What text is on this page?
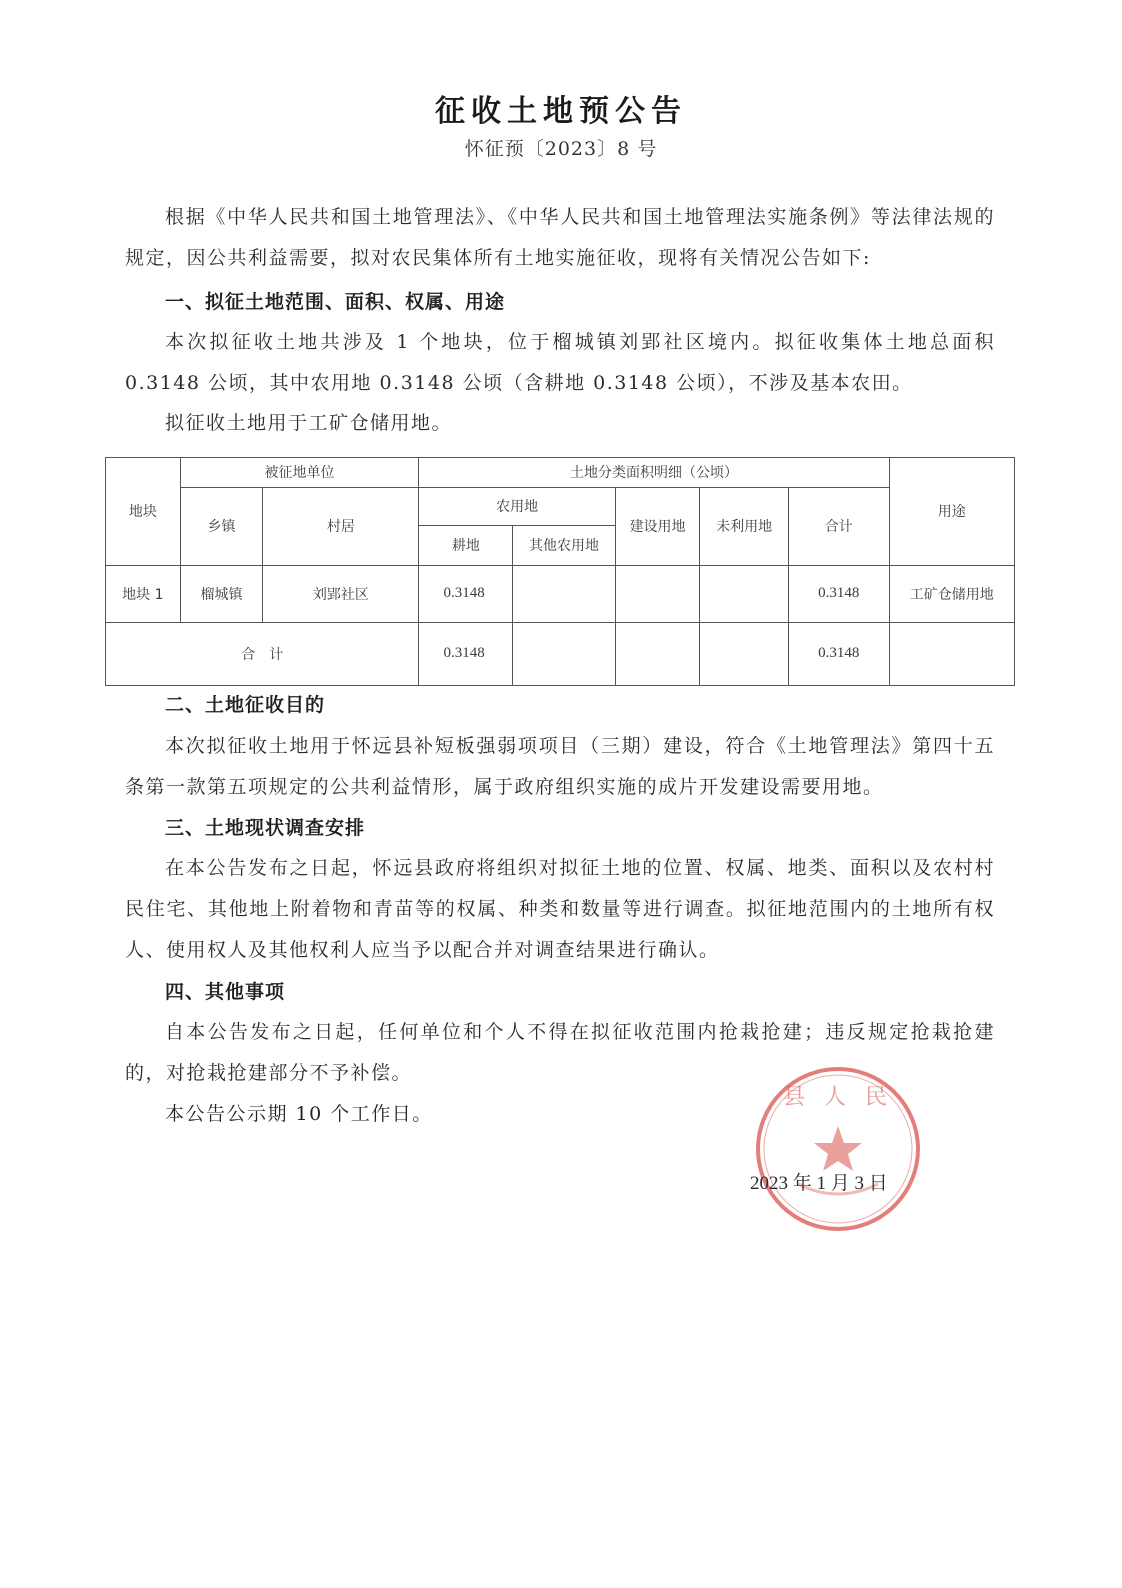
征收土地预公告
怀征预〔2023〕8 号
根据《中华人民共和国土地管理法》、《中华人民共和国土地管理法实施条例》等法律法规的规定，因公共利益需要，拟对农民集体所有土地实施征收，现将有关情况公告如下:
一、拟征土地范围、面积、权属、用途
本次拟征收土地共涉及 1 个地块，位于榴城镇刘郢社区境内。拟征收集体土地总面积 0.3148 公顷，其中农用地 0.3148 公顷（含耕地 0.3148 公顷），不涉及基本农田。
拟征收土地用于工矿仓储用地。
地块	被征地单位		土地分类面积明细（公顷）					用途
	乡镇	村居	农用地		建设用地	未利用地	合计	
			耕地	其他农用地				
地块 1	榴城镇	刘郢社区	0.3148				0.3148	工矿仓储用地
合　计			0.3148				0.3148	
二、土地征收目的
本次拟征收土地用于怀远县补短板强弱项项目（三期）建设，符合《土地管理法》第四十五条第一款第五项规定的公共利益情形，属于政府组织实施的成片开发建设需要用地。
三、土地现状调查安排
在本公告发布之日起，怀远县政府将组织对拟征土地的位置、权属、地类、面积以及农村村民住宅、其他地上附着物和青苗等的权属、种类和数量等进行调查。拟征地范围内的土地所有权人、使用权人及其他权利人应当予以配合并对调查结果进行确认。
四、其他事项
自本公告发布之日起，任何单位和个人不得在拟征收范围内抢栽抢建；违反规定抢栽抢建的，对抢栽抢建部分不予补偿。
本公告公示期 10 个工作日。
县 人 民
2023 年 1 月 3 日
